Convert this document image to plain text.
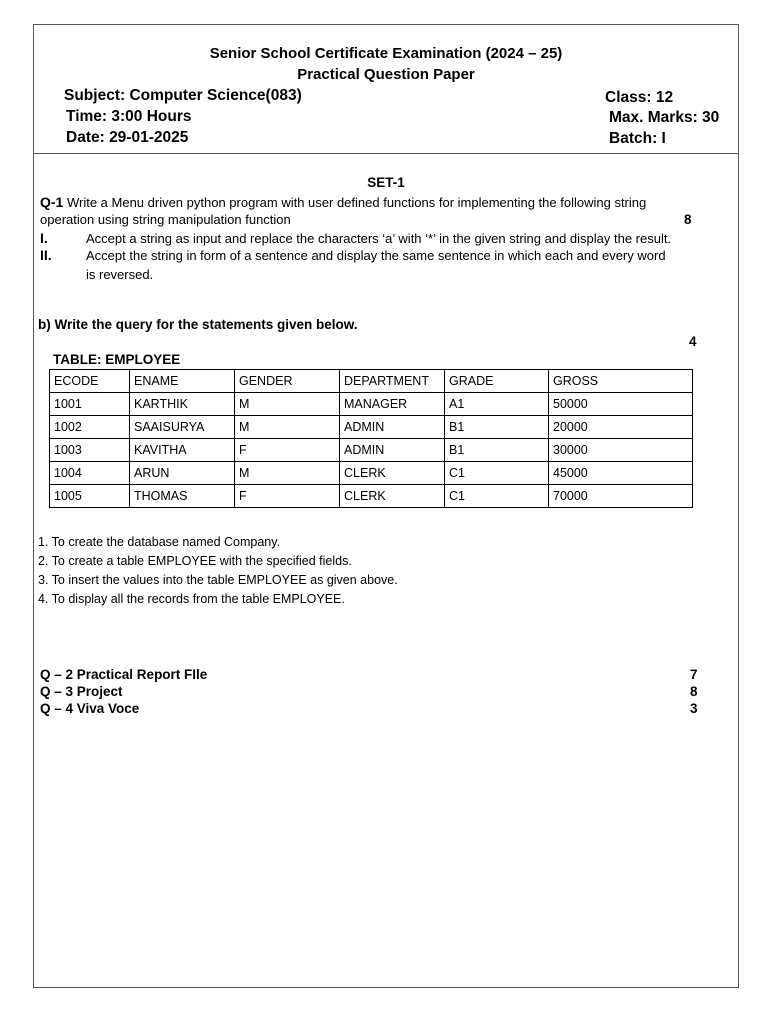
Senior School Certificate Examination (2024 – 25)
Practical Question Paper
Subject: Computer Science(083)
Time: 3:00 Hours
Date: 29-01-2025
Class: 12
Max. Marks: 30
Batch: I
SET-1
Q-1 Write a Menu driven python program with user defined functions for implementing the following string
operation using string manipulation function	8
I.	Accept a string as input and replace the characters ‘a’ with ‘*’ in the given string and display the result.
II.	Accept the string in form of a sentence and display the same sentence in which each and every word
is reversed.
b) Write the query for the statements given below.
4
TABLE: EMPLOYEE
ECODE	ENAME	GENDER	DEPARTMENT	GRADE	GROSS
1001	KARTHIK	M	MANAGER	A1	50000
1002	SAAISURYA	M	ADMIN	B1	20000
1003	KAVITHA	F	ADMIN	B1	30000
1004	ARUN	M	CLERK	C1	45000
1005	THOMAS	F	CLERK	C1	70000
1. To create the database named Company.
2. To create a table EMPLOYEE with the specified fields.
3. To insert the values into the table EMPLOYEE as given above.
4. To display all the records from the table EMPLOYEE.
Q – 2 Practical Report FIle	7
Q – 3 Project	8
Q – 4 Viva Voce	3
